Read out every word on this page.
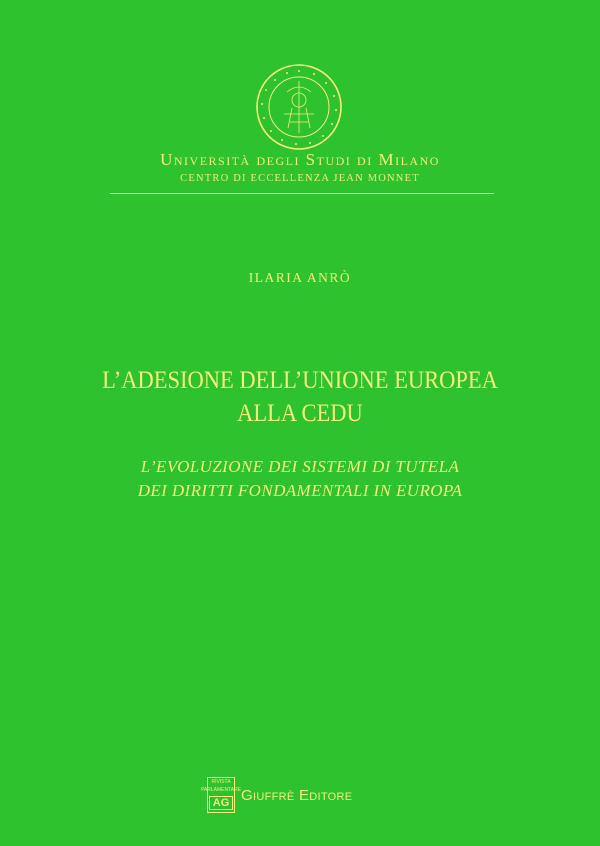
Università degli Studi di Milano
CENTRO DI ECCELLENZA JEAN MONNET
ILARIA ANRÒ
L’ADESIONE DELL’UNIONE EUROPEA
ALLA CEDU
L’EVOLUZIONE DEI SISTEMI DI TUTELA
DEI DIRITTI FONDAMENTALI IN EUROPA
RIVISTA
PARLAMENTARE
AG Giuffrè Editore
